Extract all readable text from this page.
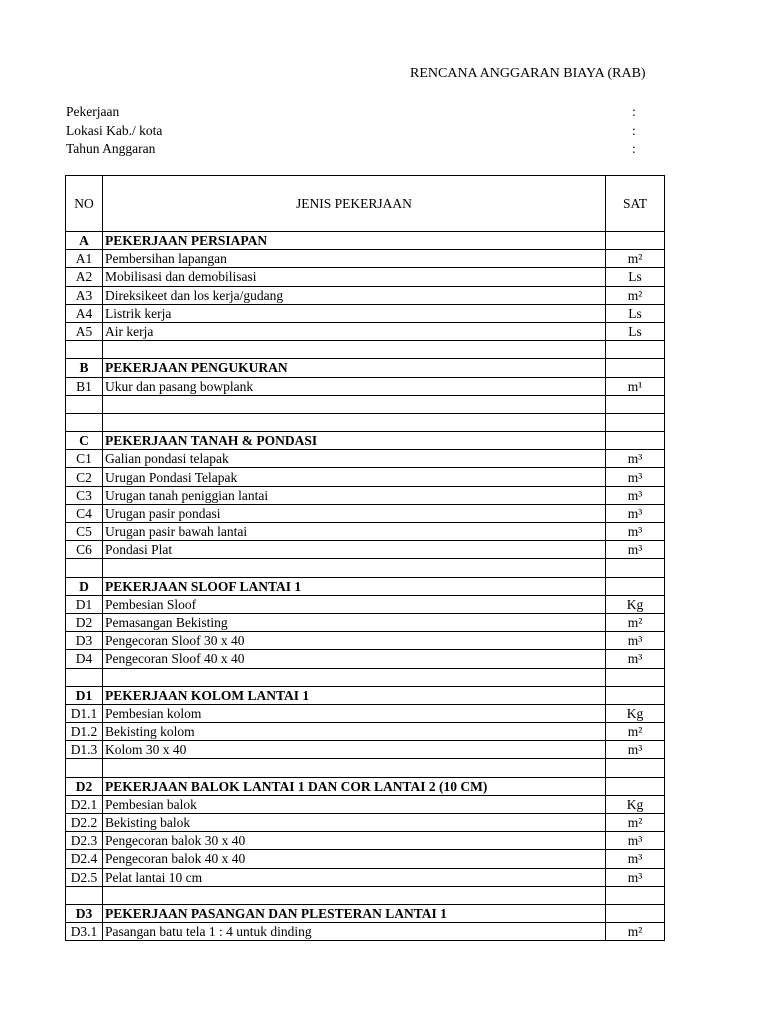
RENCANA ANGGARAN BIAYA (RAB)
Pekerjaan	:
Lokasi Kab./ kota	:
Tahun Anggaran	:
NO	JENIS PEKERJAAN	SAT
A	PEKERJAAN PERSIAPAN	
A1	Pembersihan lapangan	m²
A2	Mobilisasi dan demobilisasi	Ls
A3	Direksikeet dan los kerja/gudang	m²
A4	Listrik kerja	Ls
A5	Air kerja	Ls

B	PEKERJAAN PENGUKURAN	
B1	Ukur dan pasang bowplank	m¹

C	PEKERJAAN TANAH & PONDASI	
C1	Galian pondasi telapak	m³
C2	Urugan Pondasi Telapak	m³
C3	Urugan tanah peniggian lantai	m³
C4	Urugan pasir pondasi	m³
C5	Urugan pasir bawah lantai	m³
C6	Pondasi Plat	m³

D	PEKERJAAN SLOOF LANTAI 1	
D1	Pembesian Sloof	Kg
D2	Pemasangan Bekisting	m²
D3	Pengecoran Sloof 30 x 40	m³
D4	Pengecoran Sloof 40 x 40	m³

D1	PEKERJAAN KOLOM LANTAI 1	
D1.1	Pembesian kolom	Kg
D1.2	Bekisting kolom	m²
D1.3	Kolom 30 x 40	m³

D2	PEKERJAAN BALOK LANTAI 1 DAN COR LANTAI 2 (10 CM)	
D2.1	Pembesian balok	Kg
D2.2	Bekisting balok	m²
D2.3	Pengecoran balok 30 x 40	m³
D2.4	Pengecoran balok 40 x 40	m³
D2.5	Pelat lantai 10 cm	m³

D3	PEKERJAAN PASANGAN DAN PLESTERAN LANTAI 1	
D3.1	Pasangan batu tela 1 : 4 untuk dinding	m²
